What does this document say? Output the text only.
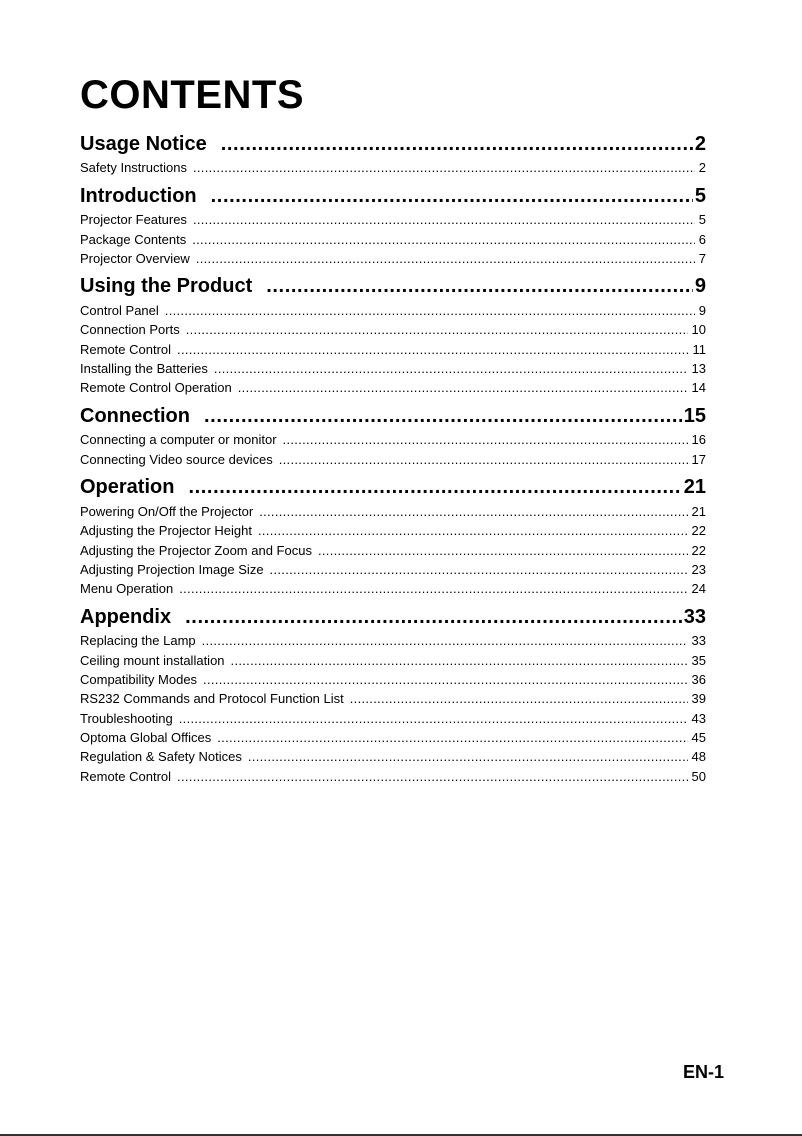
CONTENTS
Usage Notice .....	2
Safety Instructions .....	2
Introduction .....	5
Projector Features .....	5
Package Contents .....	6
Projector Overview .....	7
Using the Product .....	9
Control Panel .....	9
Connection Ports .....	10
Remote Control .....	11
Installing the Batteries .....	13
Remote Control Operation .....	14
Connection .....	15
Connecting a computer or monitor .....	16
Connecting Video source devices .....	17
Operation .....	21
Powering On/Off the Projector .....	21
Adjusting the Projector Height .....	22
Adjusting the Projector Zoom and Focus .....	22
Adjusting Projection Image Size .....	23
Menu Operation .....	24
Appendix .....	33
Replacing the Lamp .....	33
Ceiling mount installation .....	35
Compatibility Modes .....	36
RS232 Commands and Protocol Function List .....	39
Troubleshooting .....	43
Optoma Global Offices .....	45
Regulation & Safety Notices .....	48
Remote Control .....	50
EN-1
